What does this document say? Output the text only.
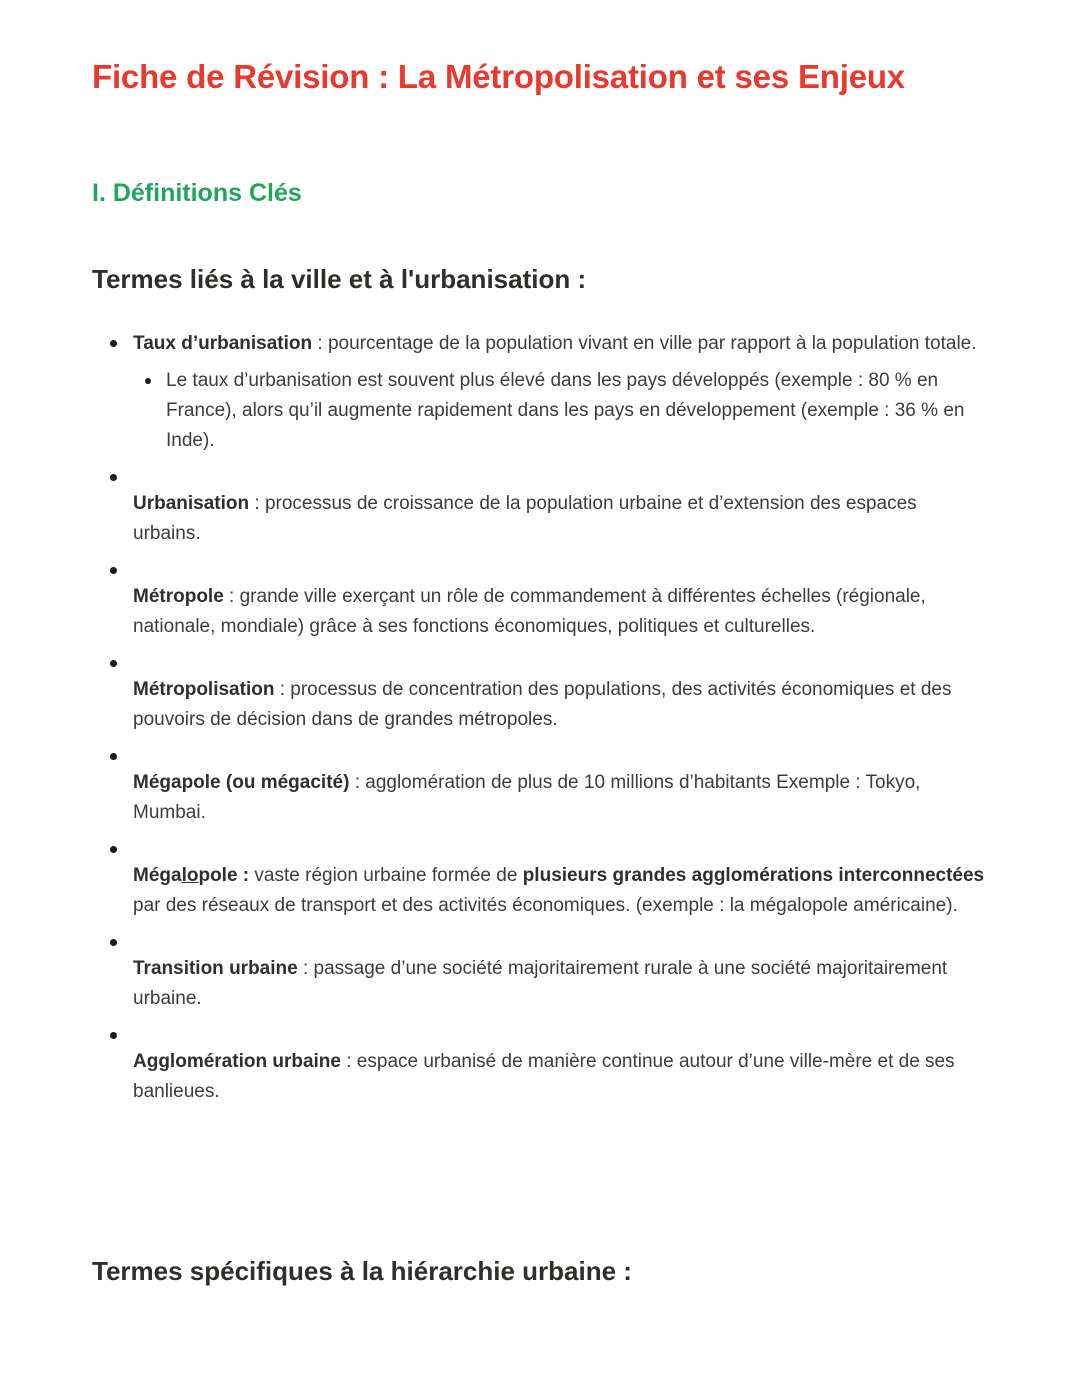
Fiche de Révision : La Métropolisation et ses Enjeux
I. Définitions Clés
Termes liés à la ville et à l'urbanisation :

Taux d’urbanisation : pourcentage de la population vivant en ville par rapport à la population totale.

Le taux d’urbanisation est souvent plus élevé dans les pays développés (exemple : 80 % en France), alors qu’il augmente rapidement dans les pays en développement (exemple : 36 % en Inde).

Urbanisation : processus de croissance de la population urbaine et d’extension des espaces urbains.

Métropole : grande ville exerçant un rôle de commandement à différentes échelles (régionale, nationale, mondiale) grâce à ses fonctions économiques, politiques et culturelles.

Métropolisation : processus de concentration des populations, des activités économiques et des pouvoirs de décision dans de grandes métropoles.

Mégapole (ou mégacité) : agglomération de plus de 10 millions d’habitants Exemple : Tokyo, Mumbai.

Mégalopole : vaste région urbaine formée de plusieurs grandes agglomérations interconnectées par des réseaux de transport et des activités économiques. (exemple : la mégalopole américaine).

Transition urbaine : passage d’une société majoritairement rurale à une société majoritairement urbaine.

Agglomération urbaine : espace urbanisé de manière continue autour d’une ville-mère et de ses banlieues.

Termes spécifiques à la hiérarchie urbaine :
